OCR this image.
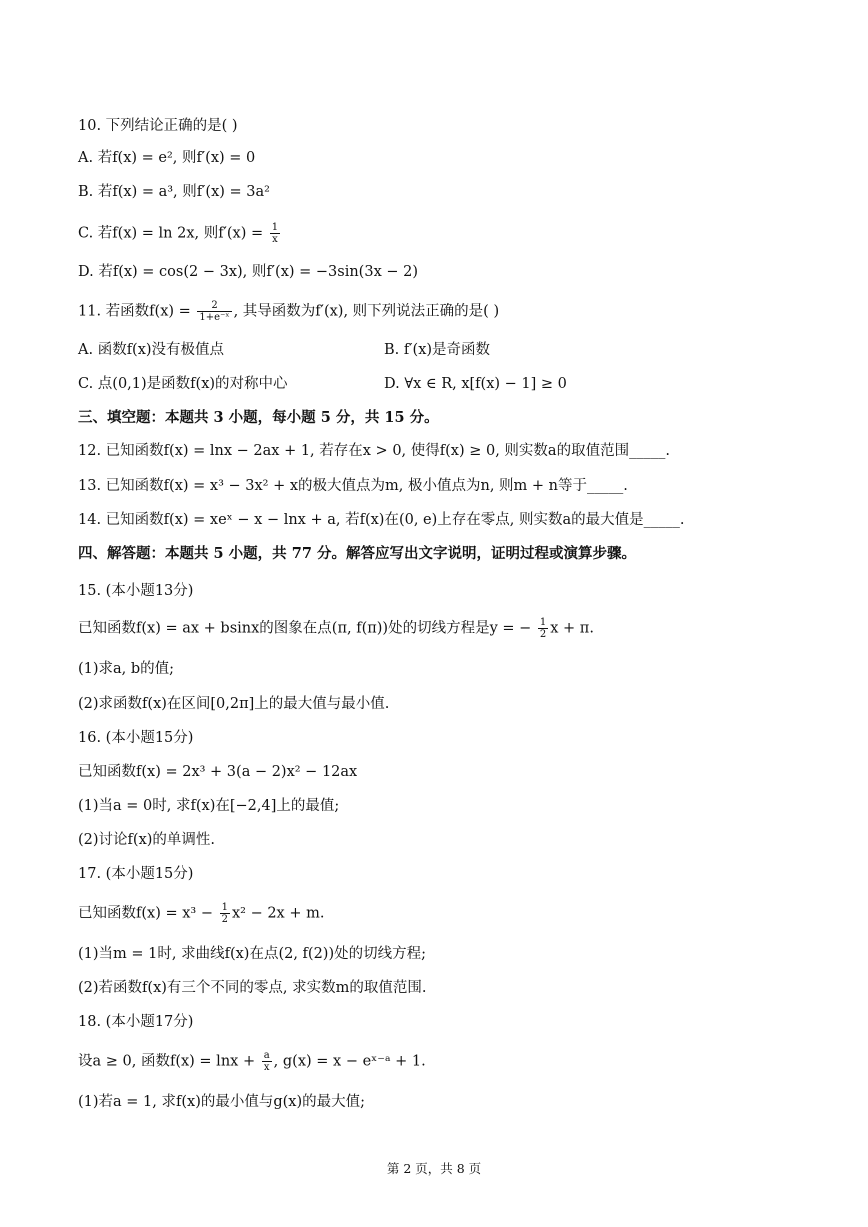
10. 下列结论正确的是( )
A. 若f(x) = e², 则f′(x) = 0
B. 若f(x) = a³, 则f′(x) = 3a²
C. 若f(x) = ln 2x, 则$f'(x) = \frac{1}{x}$
D. 若f(x) = cos(2 − 3x), 则f′(x) = −3sin(3x − 2)
11. 若函数$f(x) = \frac{2}{\text{1+e⁻ˣ}}$ , 其导函数为f′(x), 则下列说法正确的是( )
A. 函数f(x)没有极值点	B. f′(x)是奇函数
C. 点(0,1)是函数f(x)的对称中心	D. ∀x ∈ R, x[f(x) − 1] ≥ 0
三、填空题：本题共 3 小题，每小题 5 分，共 15 分。
12. 已知函数f(x) = lnx − 2ax + 1, 若存在x > 0, 使得f(x) ≥ 0, 则实数a的取值范围_____.
13. 已知函数f(x) = x³ − 3x² + x的极大值点为m, 极小值点为n, 则m + n等于_____.
14. 已知函数f(x) = xeˣ − x − lnx + a, 若f(x)在(0, e)上存在零点, 则实数a的最大值是_____.
四、解答题：本题共 5 小题，共 77 分。解答应写出文字说明，证明过程或演算步骤。
15. (本小题13分)
已知函数f(x) = ax + bsinx的图象在点(π, f(π))处的切线方程是y = − $\frac{1}{2}$ x + π.
(1)求a, b的值;
(2)求函数f(x)在区间[0,2π]上的最大值与最小值.
16. (本小题15分)
已知函数f(x) = 2x³ + 3(a − 2)x² − 12ax
(1)当a = 0时, 求f(x)在[−2,4]上的最值;
(2)讨论f(x)的单调性.
17. (本小题15分)
已知函数$f(x) = x^3 - \frac{1}{2} x^2 - 2x + m$.
(1)当m = 1时, 求曲线f(x)在点(2, f(2))处的切线方程;
(2)若函数f(x)有三个不同的零点, 求实数m的取值范围.
18. (本小题17分)
设a ≥ 0, 函数$f(x) = \ln x + \frac{a}{x}$ , g(x) = x − eˣ⁻ᵃ + 1.
(1)若a = 1, 求f(x)的最小值与g(x)的最大值;
第 2 页，共 8 页
